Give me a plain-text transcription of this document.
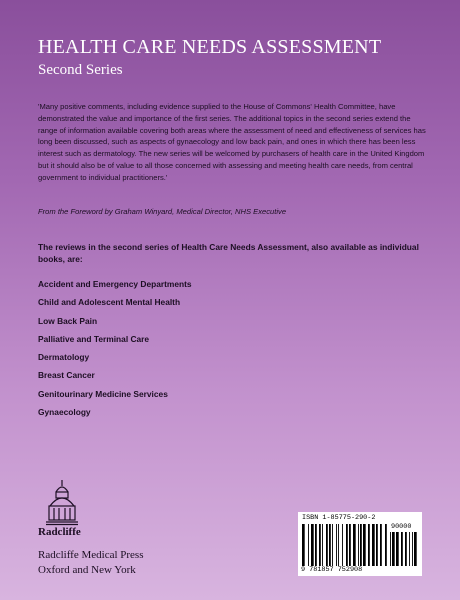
HEALTH CARE NEEDS ASSESSMENT
Second Series

'Many positive comments, including evidence supplied to the House of Commons' Health Committee, have demonstrated the value and importance of the first series. The additional topics in the second series extend the range of information available covering both areas where the assessment of need and effectiveness of services has long been discussed, such as aspects of gynaecology and low back pain, and ones in which there has been less interest such as dermatology. The new series will be welcomed by purchasers of health care in the United Kingdom but it should also be of value to all those concerned with assessing and meeting health care needs, from central government to individual practitioners.'

From the Foreword by Graham Winyard, Medical Director, NHS Executive

The reviews in the second series of Health Care Needs Assessment, also available as individual books, are:

Accident and Emergency Departments
Child and Adolescent Mental Health
Low Back Pain
Palliative and Terminal Care
Dermatology
Breast Cancer
Genitourinary Medicine Services
Gynaecology
Radcliffe
Radcliffe Medical Press
Oxford and New York
ISBN 1-85775-290-2
90000
9 781857 752908
